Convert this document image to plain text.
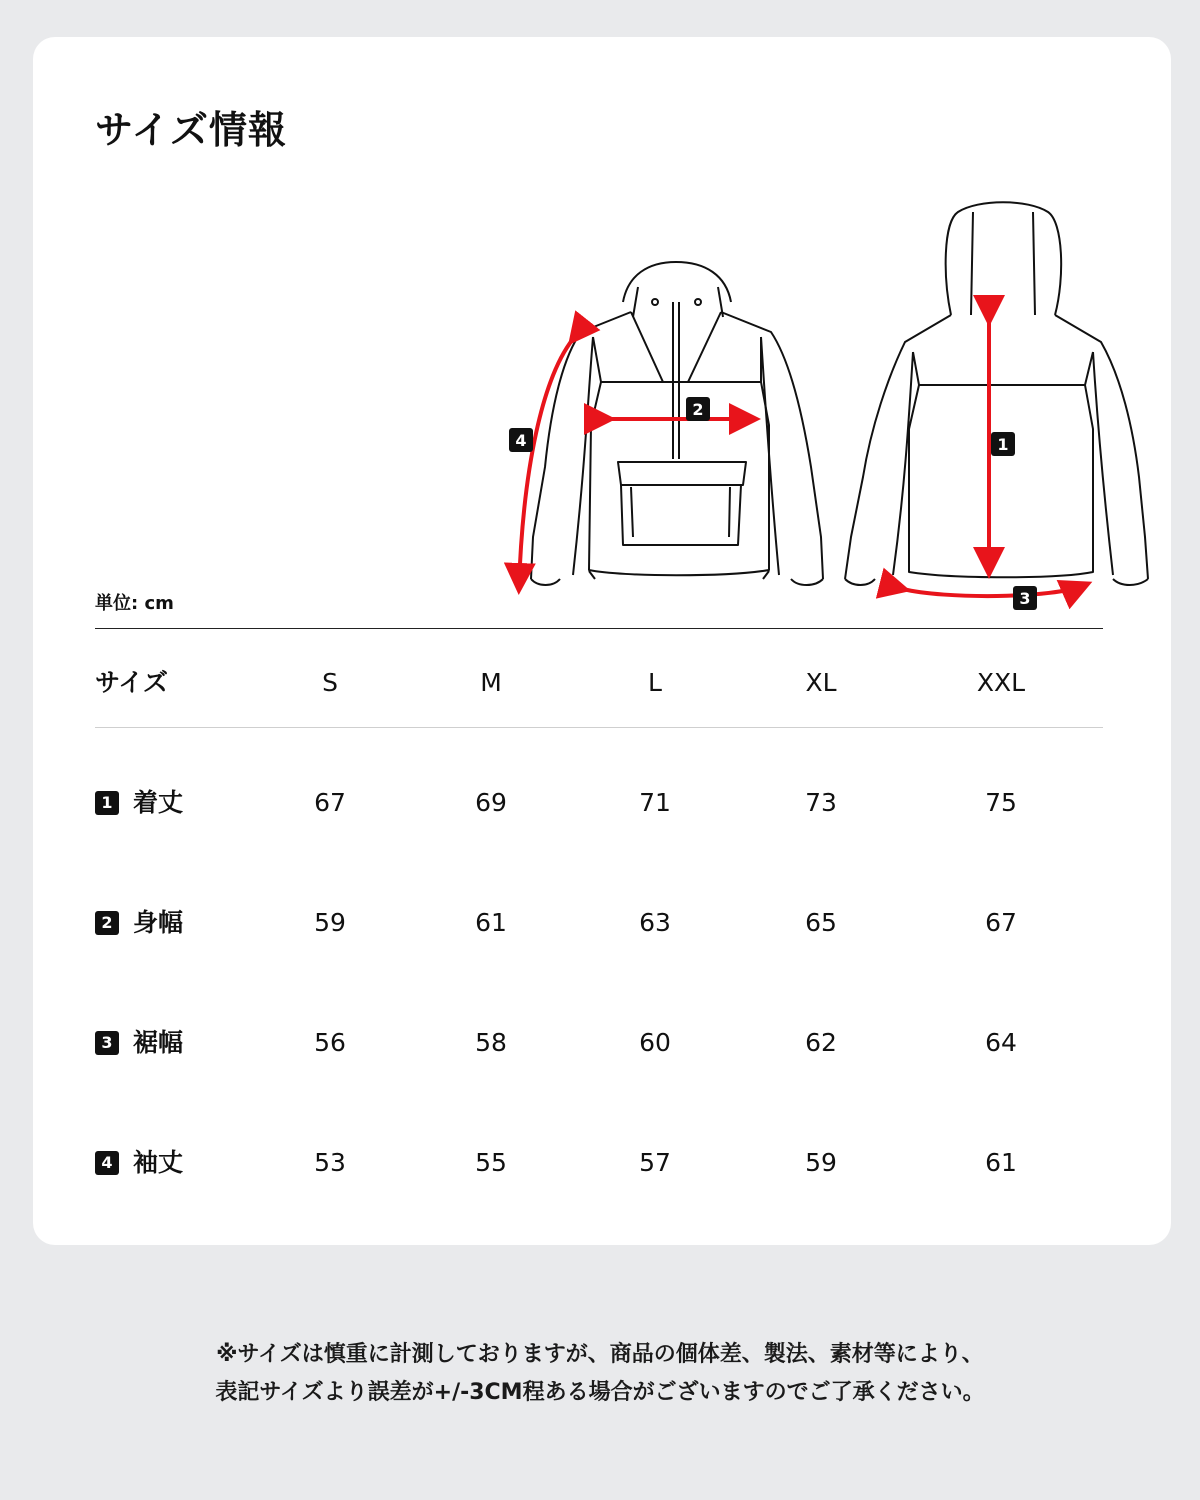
サイズ情報
1
2
3
4
単位: cm
サイズ	S	M	L	XL	XXL
1 着丈	67	69	71	73	75
2 身幅	59	61	63	65	67
3 裾幅	56	58	60	62	64
4 袖丈	53	55	57	59	61
※サイズは慎重に計測しておりますが、商品の個体差、製法、素材等により、
表記サイズより誤差が+/-3CM程ある場合がございますのでご了承ください。
